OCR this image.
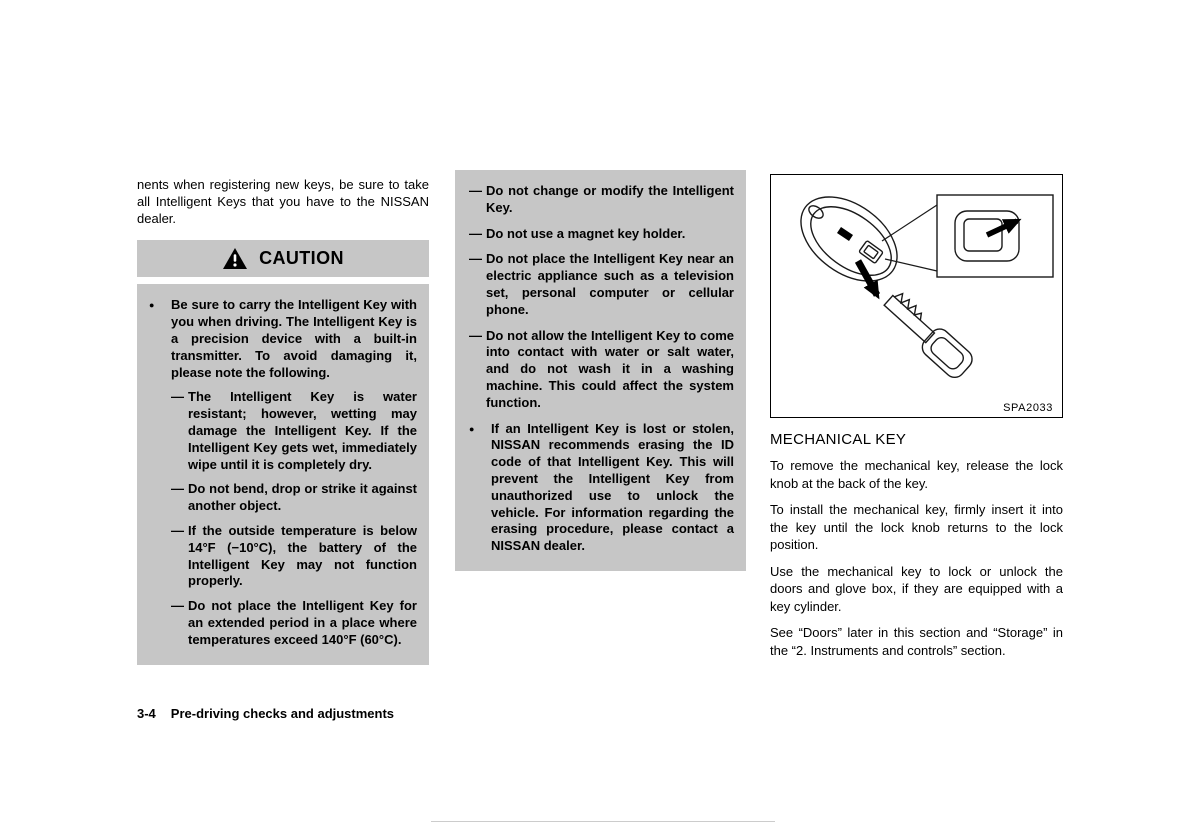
nents when registering new keys, be sure to take all Intelligent Keys that you have to the NISSAN dealer.

CAUTION
●	Be sure to carry the Intelligent Key with you when driving. The Intelligent Key is a precision device with a built-in transmitter. To avoid damaging it, please note the following.
— The Intelligent Key is water resistant; however, wetting may damage the Intelligent Key. If the Intelligent Key gets wet, immediately wipe until it is completely dry.
— Do not bend, drop or strike it against another object.
— If the outside temperature is below 14°F (−10°C), the battery of the Intelligent Key may not function properly.
— Do not place the Intelligent Key for an extended period in a place where temperatures exceed 140°F (60°C).
— Do not change or modify the Intelligent Key.
— Do not use a magnet key holder.
— Do not place the Intelligent Key near an electric appliance such as a television set, personal computer or cellular phone.
— Do not allow the Intelligent Key to come into contact with water or salt water, and do not wash it in a washing machine. This could affect the system function.
●	If an Intelligent Key is lost or stolen, NISSAN recommends erasing the ID code of that Intelligent Key. This will prevent the Intelligent Key from unauthorized use to unlock the vehicle. For information regarding the erasing procedure, please contact a NISSAN dealer.
SPA2033
MECHANICAL KEY

To remove the mechanical key, release the lock knob at the back of the key.

To install the mechanical key, firmly insert it into the key until the lock knob returns to the lock position.

Use the mechanical key to lock or unlock the doors and glove box, if they are equipped with a key cylinder.

See “Doors” later in this section and “Storage” in the “2. Instruments and controls” section.

3-4 Pre-driving checks and adjustments
